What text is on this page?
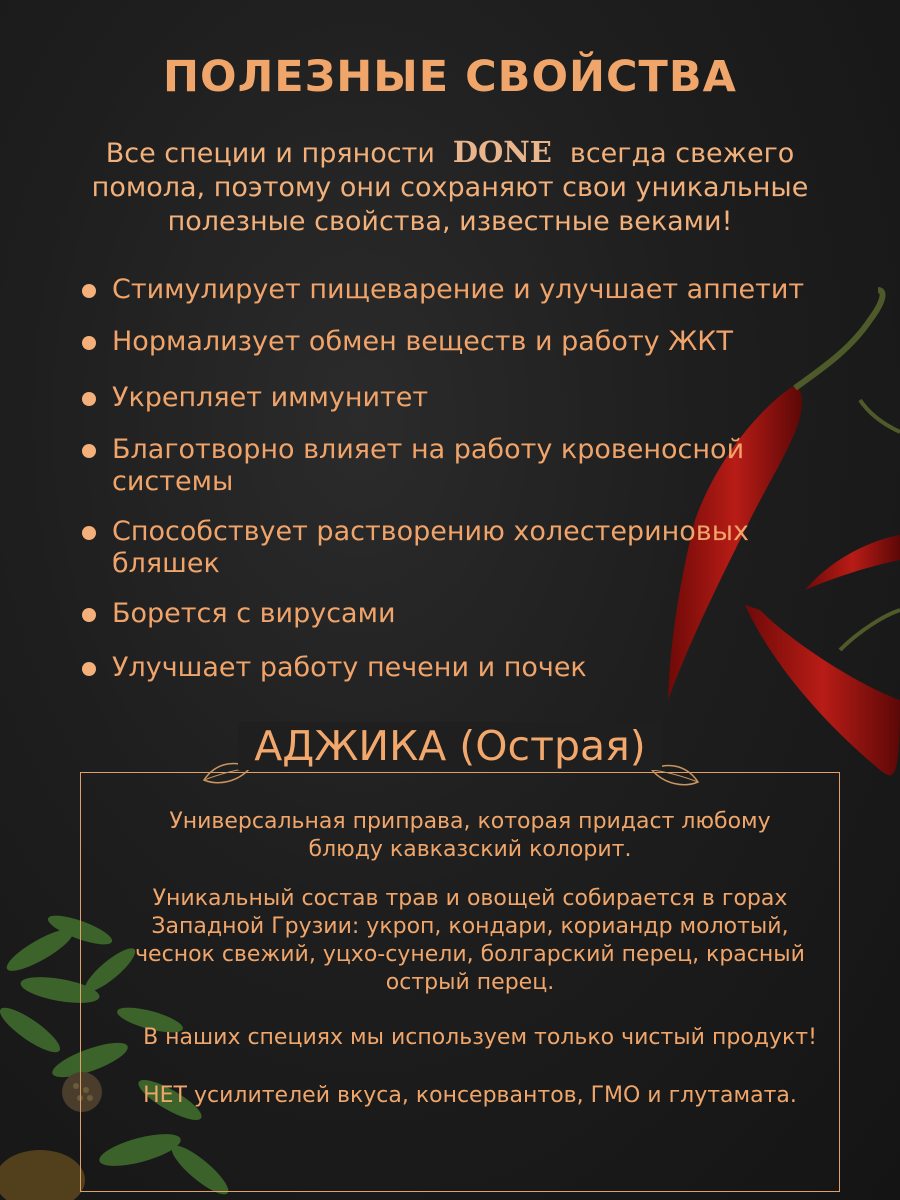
ПОЛЕЗНЫЕ СВОЙСТВА
Все специи и пряности DONE всегда свежего
помола, поэтому они сохраняют свои уникальные
полезные свойства, известные веками!
Стимулирует пищеварение и улучшает аппетит
Нормализует обмен веществ и работу ЖКТ
Укрепляет иммунитет
Благотворно влияет на работу кровеносной
системы
Способствует растворению холестериновых
бляшек
Борется с вирусами
Улучшает работу печени и почек
АДЖИКА (Острая)
Универсальная приправа, которая придаст любому
блюду кавказский колорит.
Уникальный состав трав и овощей собирается в горах
Западной Грузии: укроп, кондари, кориандр молотый,
чеснок свежий, уцхо-сунели, болгарский перец, красный
острый перец.
В наших специях мы используем только чистый продукт!
НЕТ усилителей вкуса, консервантов, ГМО и глутамата.
